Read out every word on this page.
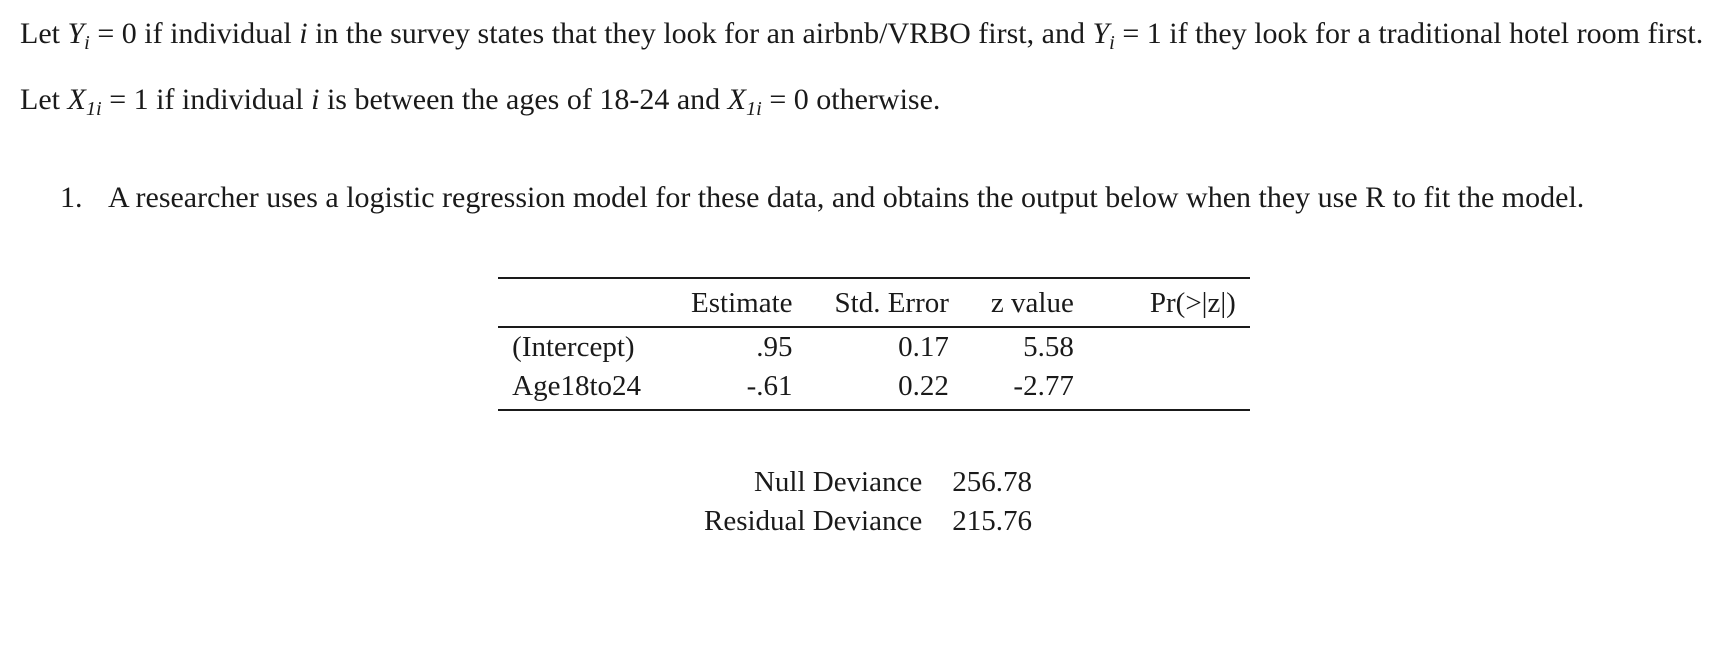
Let $Y_i = 0$ if individual i in the survey states that they look for an airbnb/VRBO first, and $Y_i = 1$ if they look for a traditional hotel room first.

Let $X_{1i} = 1$ if individual i is between the ages of 18-24 and $X_{1i} = 0$ otherwise.

1. A researcher uses a logistic regression model for these data, and obtains the output below when they use R to fit the model.
	Estimate	Std. Error	z value	Pr(>|z|)
(Intercept)	.95	0.17	5.58	
Age18to24	-.61	0.22	-2.77	
Null Deviance	256.78
Residual Deviance	215.76
